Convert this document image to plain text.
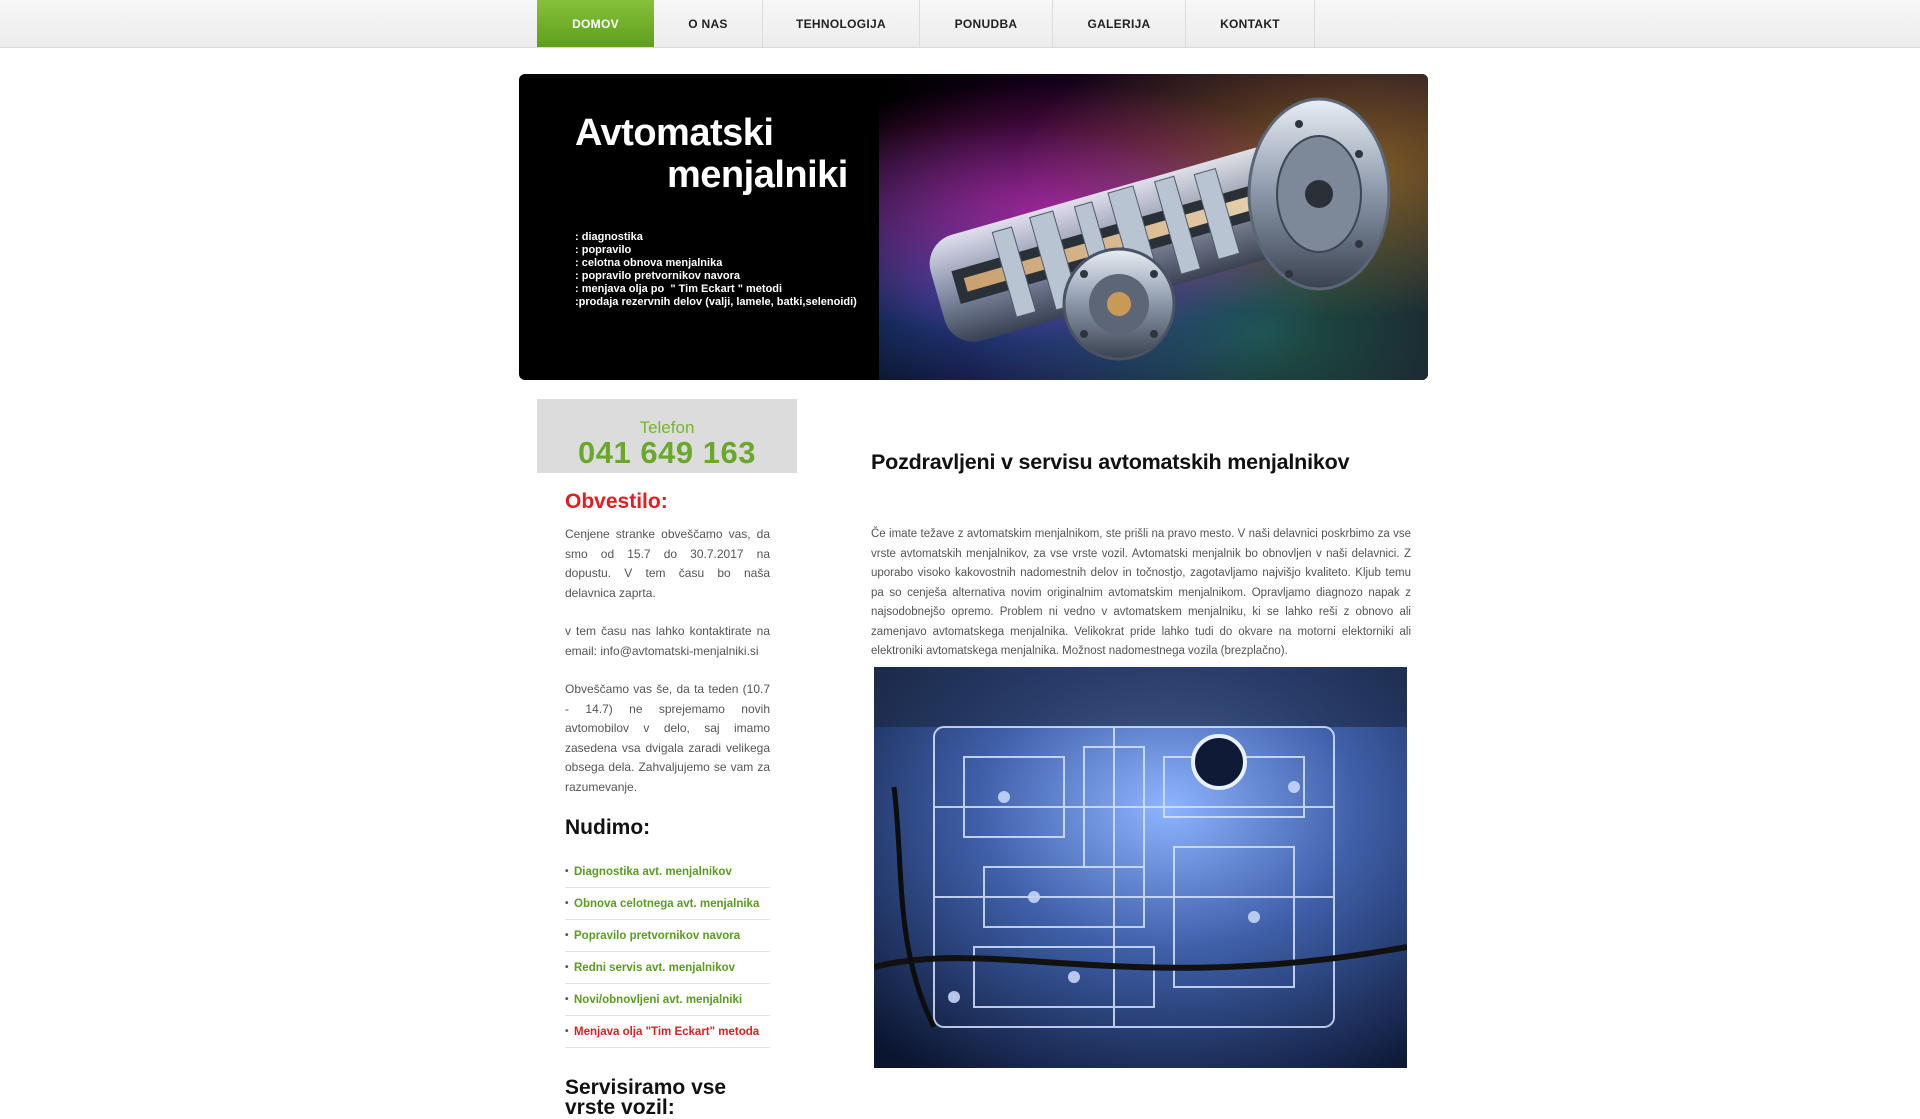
DOMOV	O NAS	TEHNOLOGIJA	PONUDBA	GALERIJA	KONTAKT
Avtomatski
menjalniki
: diagnostika
: popravilo
: celotna obnova menjalnika
: popravilo pretvornikov navora
: menjava olja po  " Tim Eckart " metodi
:prodaja rezervnih delov (valji, lamele, batki,selenoidi)
Telefon
041 649 163
Obvestilo:

Cenjene stranke obveščamo vas, da smo od 15.7 do 30.7.2017 na dopustu. V tem času bo naša delavnica zaprta.

v tem času nas lahko kontaktirate na email: info@avtomatski-menjalniki.si

Obveščamo vas še, da ta teden (10.7 - 14.7) ne sprejemamo novih avtomobilov v delo, saj imamo zasedena vsa dvigala zaradi velikega obsega dela. Zahvaljujemo se vam za razumevanje.

Nudimo:
• Diagnostika avt. menjalnikov
• Obnova celotnega avt. menjalnika
• Popravilo pretvornikov navora
• Redni servis avt. menjalnikov
• Novi/obnovljeni avt. menjalniki
• Menjava olja "Tim Eckart" metoda
Servisiramo vse vrste vozil:
Pozdravljeni v servisu avtomatskih menjalnikov
Če imate težave z avtomatskim menjalnikom, ste prišli na pravo mesto. V naši delavnici poskrbimo za vse vrste avtomatskih menjalnikov, za vse vrste vozil. Avtomatski menjalnik bo obnovljen v naši delavnici. Z uporabo visoko kakovostnih nadomestnih delov in točnostjo, zagotavljamo najvišjo kvaliteto. Kljub temu pa so cenješa alternativa novim originalnim avtomatskim menjalnikom. Opravljamo diagnozo napak z najsodobnejšo opremo. Problem ni vedno v avtomatskem menjalniku, ki se lahko reši z obnovo ali zamenjavo avtomatskega menjalnika. Velikokrat pride lahko tudi do okvare na motorni elektorniki ali elektroniki avtomatskega menjalnika. Možnost nadomestnega vozila (brezplačno).
